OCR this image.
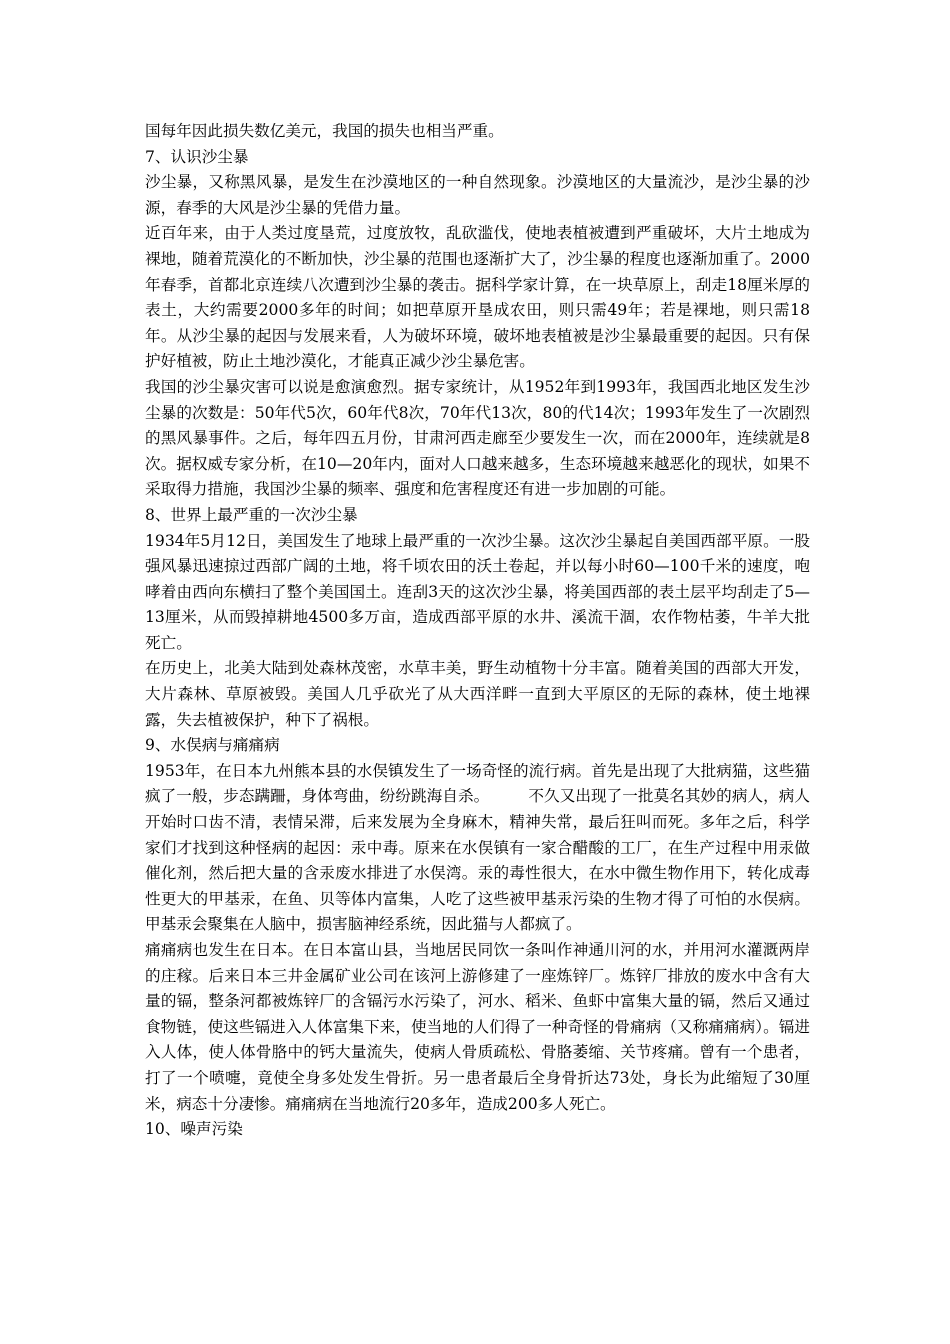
国每年因此损失数亿美元，我国的损失也相当严重。

7、认识沙尘暴

沙尘暴，又称黑风暴，是发生在沙漠地区的一种自然现象。沙漠地区的大量流沙，是沙尘暴的沙源，春季的大风是沙尘暴的凭借力量。

近百年来，由于人类过度垦荒，过度放牧，乱砍滥伐，使地表植被遭到严重破坏，大片土地成为裸地，随着荒漠化的不断加快，沙尘暴的范围也逐渐扩大了，沙尘暴的程度也逐渐加重了。2000年春季，首都北京连续八次遭到沙尘暴的袭击。据科学家计算，在一块草原上，刮走18厘米厚的表土，大约需要2000多年的时间；如把草原开垦成农田，则只需49年；若是裸地，则只需18年。从沙尘暴的起因与发展来看，人为破坏环境，破坏地表植被是沙尘暴最重要的起因。只有保护好植被，防止土地沙漠化，才能真正减少沙尘暴危害。

我国的沙尘暴灾害可以说是愈演愈烈。据专家统计，从1952年到1993年，我国西北地区发生沙尘暴的次数是：50年代5次，60年代8次，70年代13次，80的代14次；1993年发生了一次剧烈的黑风暴事件。之后，每年四五月份，甘肃河西走廊至少要发生一次，而在2000年，连续就是8次。据权威专家分析，在10—20年内，面对人口越来越多，生态环境越来越恶化的现状，如果不采取得力措施，我国沙尘暴的频率、强度和危害程度还有进一步加剧的可能。

8、世界上最严重的一次沙尘暴

1934年5月12日，美国发生了地球上最严重的一次沙尘暴。这次沙尘暴起自美国西部平原。一股强风暴迅速掠过西部广阔的土地，将千顷农田的沃土卷起，并以每小时60—100千米的速度，咆哮着由西向东横扫了整个美国国土。连刮3天的这次沙尘暴，将美国西部的表土层平均刮走了5—13厘米，从而毁掉耕地4500多万亩，造成西部平原的水井、溪流干涸，农作物枯萎，牛羊大批死亡。

在历史上，北美大陆到处森林茂密，水草丰美，野生动植物十分丰富。随着美国的西部大开发，大片森林、草原被毁。美国人几乎砍光了从大西洋畔一直到大平原区的无际的森林，使土地裸露，失去植被保护，种下了祸根。

9、水俣病与痛痛病

1953年，在日本九州熊本县的水俣镇发生了一场奇怪的流行病。首先是出现了大批病猫，这些猫疯了一般，步态蹒跚，身体弯曲，纷纷跳海自杀。　　　不久又出现了一批莫名其妙的病人，病人开始时口齿不清，表情呆滞，后来发展为全身麻木，精神失常，最后狂叫而死。多年之后，科学家们才找到这种怪病的起因：汞中毒。原来在水俣镇有一家合醋酸的工厂，在生产过程中用汞做催化剂，然后把大量的含汞废水排进了水俣湾。汞的毒性很大，在水中微生物作用下，转化成毒性更大的甲基汞，在鱼、贝等体内富集，人吃了这些被甲基汞污染的生物才得了可怕的水俣病。甲基汞会聚集在人脑中，损害脑神经系统，因此猫与人都疯了。

痛痛病也发生在日本。在日本富山县，当地居民同饮一条叫作神通川河的水，并用河水灌溉两岸的庄稼。后来日本三井金属矿业公司在该河上游修建了一座炼锌厂。炼锌厂排放的废水中含有大量的镉，整条河都被炼锌厂的含镉污水污染了，河水、稻米、鱼虾中富集大量的镉，然后又通过食物链，使这些镉进入人体富集下来，使当地的人们得了一种奇怪的骨痛病（又称痛痛病）。镉进入人体，使人体骨胳中的钙大量流失，使病人骨质疏松、骨胳萎缩、关节疼痛。曾有一个患者，打了一个喷嚏，竟使全身多处发生骨折。另一患者最后全身骨折达73处，身长为此缩短了30厘米，病态十分凄惨。痛痛病在当地流行20多年，造成200多人死亡。

10、噪声污染
